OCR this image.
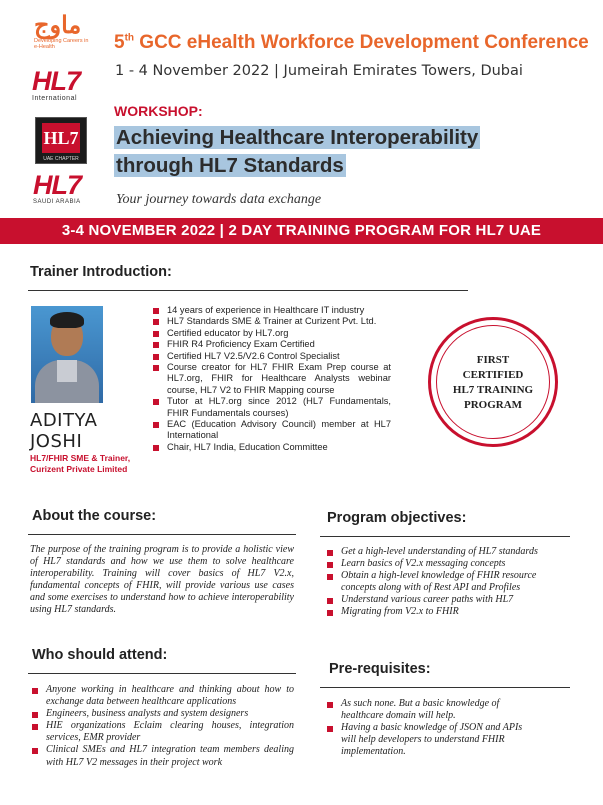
ماوج
Developing Careers in e-Health
HL7
International
HL7
UAE CHAPTER
HL7
SAUDI ARABIA
5th GCC eHealth Workforce Development Conference
1 - 4 November 2022 | Jumeirah Emirates Towers, Dubai
WORKSHOP:
Achieving Healthcare Interoperability
through HL7 Standards
Your journey towards data exchange
3-4 NOVEMBER 2022 | 2 DAY TRAINING PROGRAM FOR HL7 UAE
Trainer Introduction:
ADITYA
JOSHI
HL7/FHIR SME & Trainer,
Curizent Private Limited
14 years of experience in Healthcare IT industry
HL7 Standards SME & Trainer at Curizent Pvt. Ltd.
Certified educator by HL7.org
FHIR R4 Proficiency Exam Certified
Certified HL7 V2.5/V2.6 Control Specialist
Course creator for HL7 FHIR Exam Prep course at HL7.org, FHIR for Healthcare Analysts webinar course, HL7 V2 to FHIR Mapping course
Tutor at HL7.org since 2012 (HL7 Fundamentals, FHIR Fundamentals courses)
EAC (Education Advisory Council) member at HL7 International
Chair, HL7 India, Education Committee
FIRST
CERTIFIED
HL7 TRAINING
PROGRAM
About the course:
The purpose of the training program is to provide a holistic view of HL7 standards and how we use them to solve healthcare interoperability. Training will cover basics of HL7 V2.x, fundamental concepts of FHIR, will provide various use cases and some exercises to understand how to achieve interoperability using HL7 standards.
Program objectives:
Get a high-level understanding of HL7 standards
Learn basics of V2.x messaging concepts
Obtain a high-level knowledge of FHIR resource concepts along with of Rest API and Profiles
Understand various career paths with HL7
Migrating from V2.x to FHIR
Who should attend:
Anyone working in healthcare and thinking about how to exchange data between healthcare applications
Engineers, business analysts and system designers
HIE organizations Eclaim clearing houses, integration services, EMR provider
Clinical SMEs and HL7 integration team members dealing with HL7 V2 messages in their project work
Pre-requisites:
As such none. But a basic knowledge of healthcare domain will help.
Having a basic knowledge of JSON and APIs will help developers to understand FHIR implementation.
